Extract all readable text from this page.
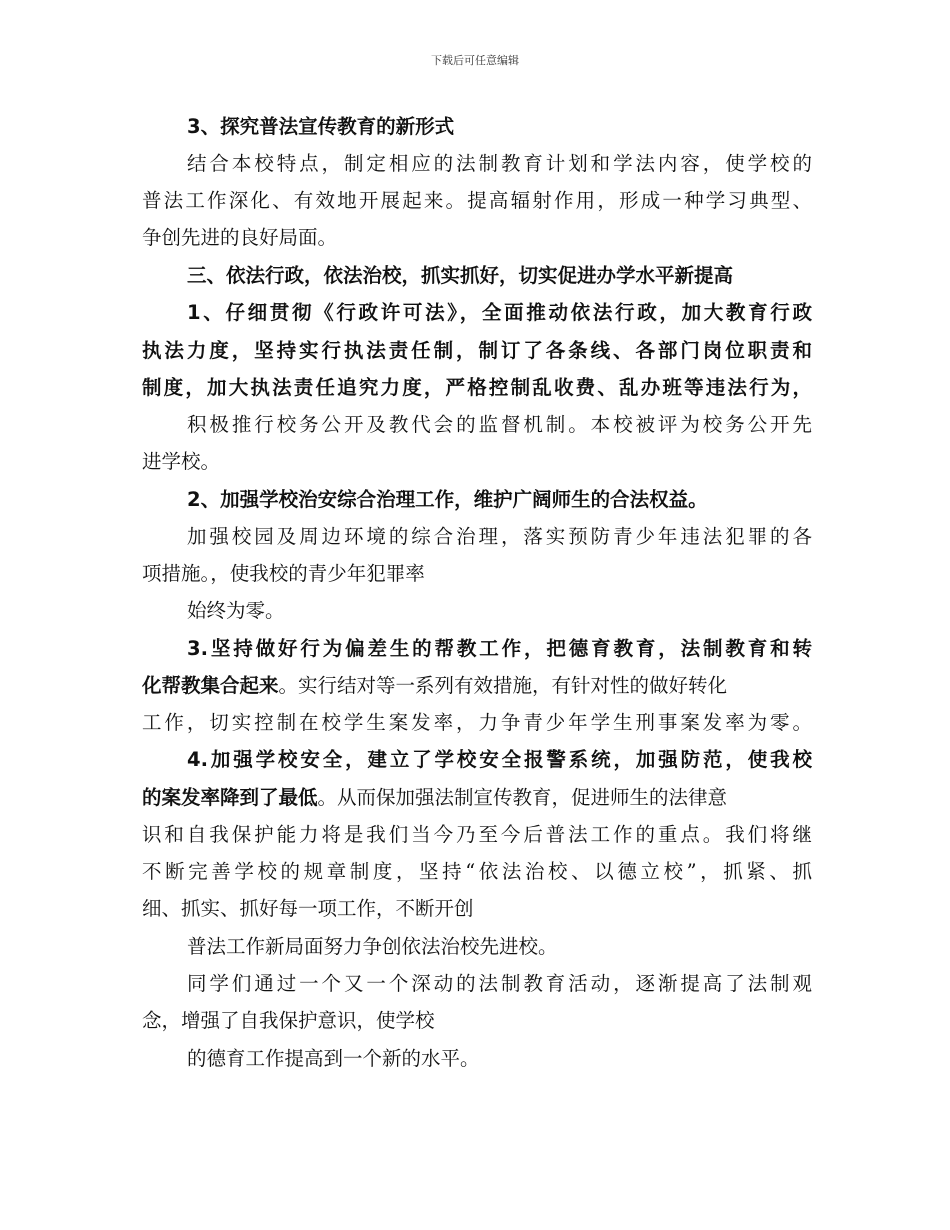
下载后可任意编辑
3、探究普法宣传教育的新形式
结合本校特点，制定相应的法制教育计划和学法内容，使学校的
普法工作深化、有效地开展起来。提高辐射作用，形成一种学习典型、
争创先进的良好局面。
三、依法行政，依法治校，抓实抓好，切实促进办学水平新提高
1、仔细贯彻《行政许可法》，全面推动依法行政，加大教育行政
执法力度，坚持实行执法责任制，制订了各条线、各部门岗位职责和
制度，加大执法责任追究力度，严格控制乱收费、乱办班等违法行为，
积极推行校务公开及教代会的监督机制。本校被评为校务公开先
进学校。
2、加强学校治安综合治理工作，维护广阔师生的合法权益。
加强校园及周边环境的综合治理，落实预防青少年违法犯罪的各
项措施。，使我校的青少年犯罪率
始终为零。
3.坚持做好行为偏差生的帮教工作，把德育教育，法制教育和转
化帮教集合起来。实行结对等一系列有效措施，有针对性的做好转化
工作，切实控制在校学生案发率，力争青少年学生刑事案发率为零。
4.加强学校安全，建立了学校安全报警系统，加强防范，使我校
的案发率降到了最低。从而保加强法制宣传教育，促进师生的法律意
识和自我保护能力将是我们当今乃至今后普法工作的重点。我们将继
不断完善学校的规章制度，坚持“依法治校、以德立校”，抓紧、抓
细、抓实、抓好每一项工作，不断开创
普法工作新局面努力争创依法治校先进校。
同学们通过一个又一个深动的法制教育活动，逐渐提高了法制观
念，增强了自我保护意识，使学校
的德育工作提高到一个新的水平。
